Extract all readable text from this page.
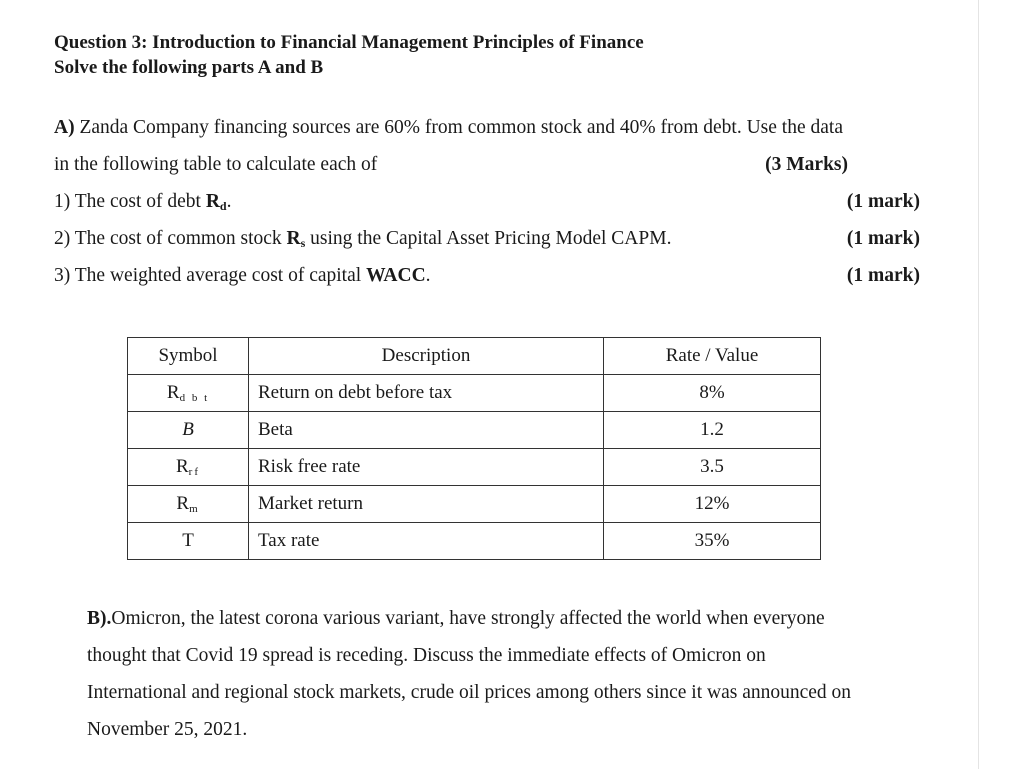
Question 3: Introduction to Financial Management Principles of Finance
Solve the following parts A and B
A) Zanda Company financing sources are 60% from common stock and 40% from debt. Use the data
in the following table to calculate each of	(3 Marks)
1) The cost of debt $R_d$.	(1 mark)
2) The cost of common stock $R_s$ using the Capital Asset Pricing Model CAPM.	(1 mark)
3) The weighted average cost of capital WACC.	(1 mark)
Symbol	Description	Rate / Value
Rd b t	Return on debt before tax	8%
B	Beta	1.2
Rrf	Risk free rate	3.5
Rm	Market return	12%
T	Tax rate	35%
B).Omicron, the latest corona various variant, have strongly affected the world when everyone
thought that Covid 19 spread is receding. Discuss the immediate effects of Omicron on
International and regional stock markets, crude oil prices among others since it was announced on
November 25, 2021.
